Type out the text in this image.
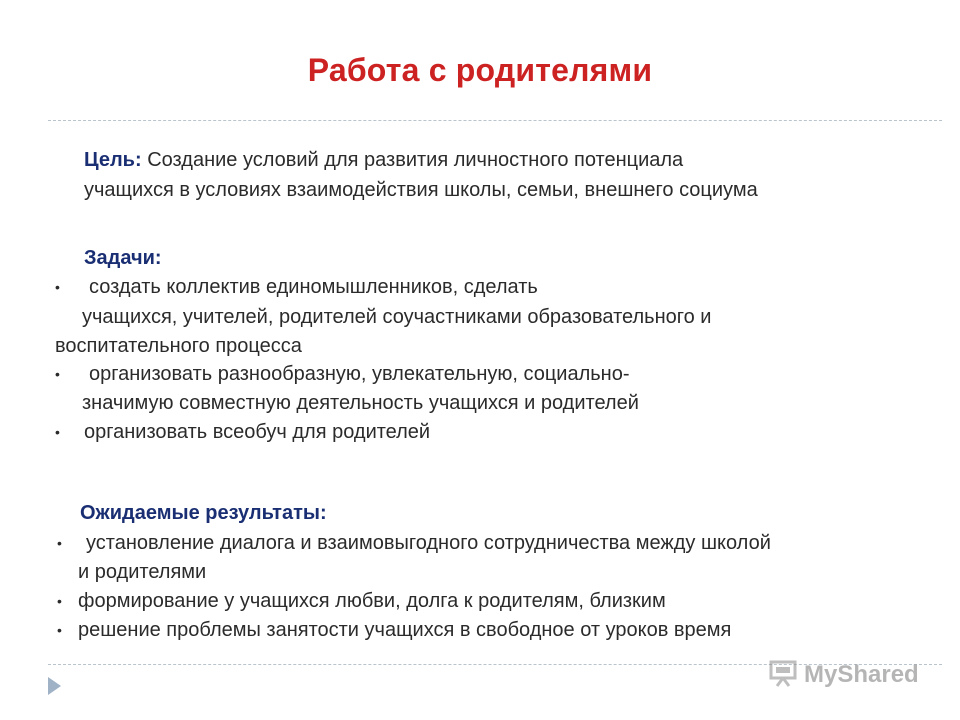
Работа с родителями
Цель: Создание условий для развития личностного потенциала
учащихся в условиях взаимодействия школы, семьи, внешнего социума
Задачи:
• создать коллектив единомышленников, сделать
учащихся, учителей, родителей соучастниками образовательного и
воспитательного процесса
• организовать разнообразную, увлекательную, социально-
значимую совместную деятельность учащихся и родителей
• организовать всеобуч для родителей
Ожидаемые результаты:
• установление диалога и взаимовыгодного сотрудничества между школой
и родителями
• формирование у учащихся любви, долга к родителям, близким
• решение проблемы занятости учащихся в свободное от уроков время
MyShared
